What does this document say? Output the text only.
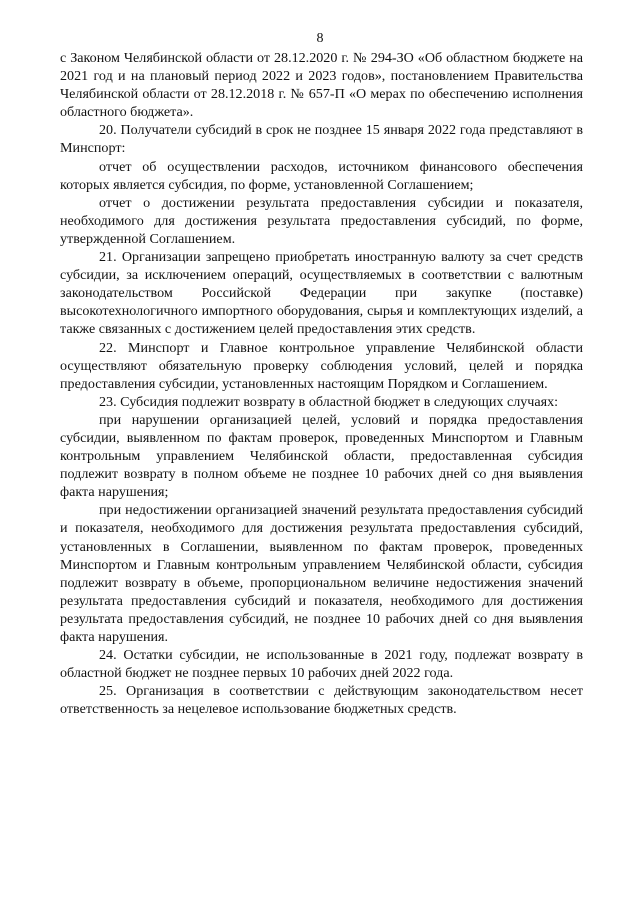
8

с Законом Челябинской области от 28.12.2020 г. № 294-ЗО «Об областном бюджете на 2021 год и на плановый период 2022 и 2023 годов», постановлением Правительства Челябинской области от 28.12.2018 г. № 657-П «О мерах по обеспечению исполнения областного бюджета».

20. Получатели субсидий в срок не позднее 15 января 2022 года представляют в Минспорт:

отчет об осуществлении расходов, источником финансового обеспечения которых является субсидия, по форме, установленной Соглашением;

отчет о достижении результата предоставления субсидии и показателя, необходимого для достижения результата предоставления субсидий, по форме, утвержденной Соглашением.

21. Организации запрещено приобретать иностранную валюту за счет средств субсидии, за исключением операций, осуществляемых в соответствии с валютным законодательством Российской Федерации при закупке (поставке) высокотехнологичного импортного оборудования, сырья и комплектующих изделий, а также связанных с достижением целей предоставления этих средств.

22. Минспорт и Главное контрольное управление Челябинской области осуществляют обязательную проверку соблюдения условий, целей и порядка предоставления субсидии, установленных настоящим Порядком и Соглашением.

23. Субсидия подлежит возврату в областной бюджет в следующих случаях:

при нарушении организацией целей, условий и порядка предоставления субсидии, выявленном по фактам проверок, проведенных Минспортом и Главным контрольным управлением Челябинской области, предоставленная субсидия подлежит возврату в полном объеме не позднее 10 рабочих дней со дня выявления факта нарушения;

при недостижении организацией значений результата предоставления субсидий и показателя, необходимого для достижения результата предоставления субсидий, установленных в Соглашении, выявленном по фактам проверок, проведенных Минспортом и Главным контрольным управлением Челябинской области, субсидия подлежит возврату в объеме, пропорциональном величине недостижения значений результата предоставления субсидий и показателя, необходимого для достижения результата предоставления субсидий, не позднее 10 рабочих дней со дня выявления факта нарушения.

24. Остатки субсидии, не использованные в 2021 году, подлежат возврату в областной бюджет не позднее первых 10 рабочих дней 2022 года.

25. Организация в соответствии с действующим законодательством несет ответственность за нецелевое использование бюджетных средств.
